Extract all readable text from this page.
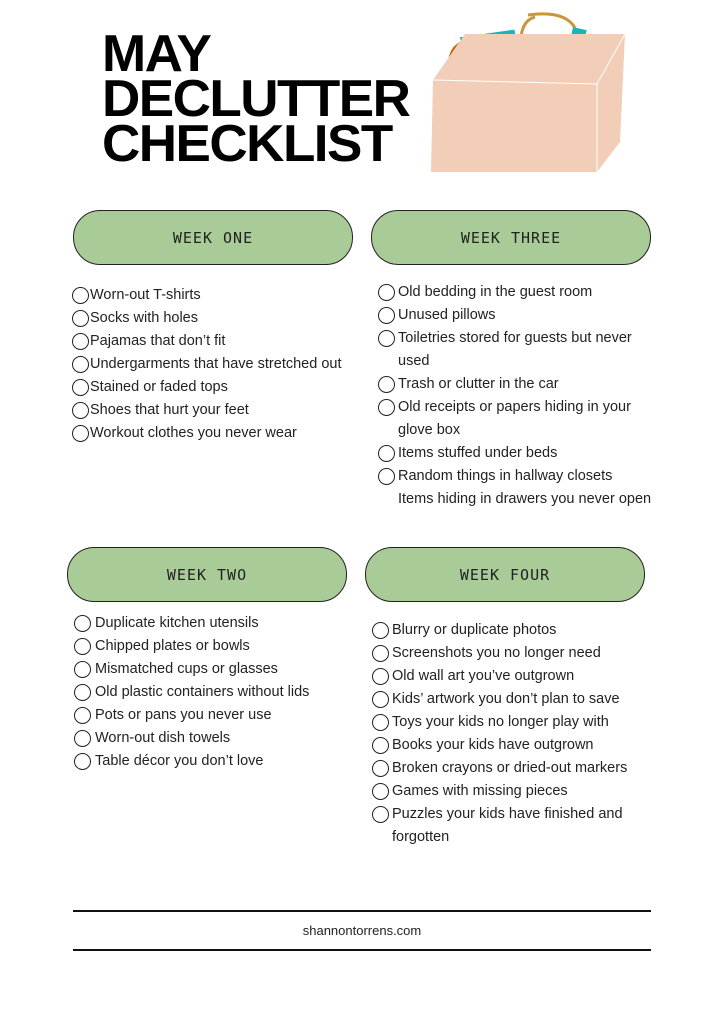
MAY
DECLUTTER
CHECKLIST
WEEK ONE	WEEK THREE
WEEK TWO	WEEK FOUR
Worn-out T-shirts
Socks with holes
Pajamas that don’t fit
Undergarments that have stretched out
Stained or faded tops
Shoes that hurt your feet
Workout clothes you never wear
Old bedding in the guest room
Unused pillows
Toiletries stored for guests but never used
Trash or clutter in the car
Old receipts or papers hiding in your glove box
Items stuffed under beds
Random things in hallway closets
Items hiding in drawers you never open
Duplicate kitchen utensils
Chipped plates or bowls
Mismatched cups or glasses
Old plastic containers without lids
Pots or pans you never use
Worn-out dish towels
Table décor you don’t love
Blurry or duplicate photos
Screenshots you no longer need
Old wall art you’ve outgrown
Kids’ artwork you don’t plan to save
Toys your kids no longer play with
Books your kids have outgrown
Broken crayons or dried-out markers
Games with missing pieces
Puzzles your kids have finished and forgotten
shannontorrens.com
